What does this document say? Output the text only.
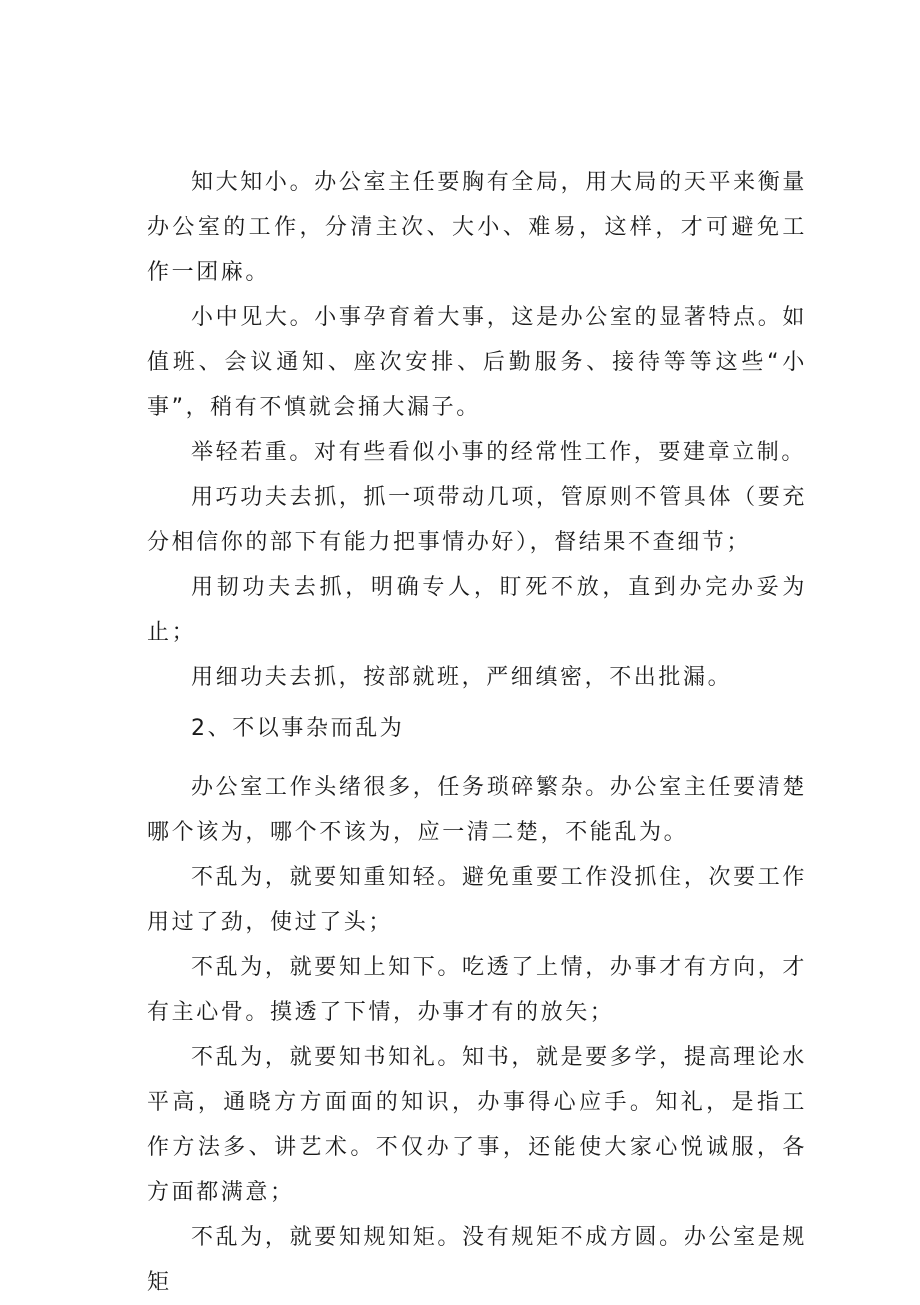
知大知小。办公室主任要胸有全局，用大局的天平来衡量办公室的工作，分清主次、大小、难易，这样，才可避免工作一团麻。

小中见大。小事孕育着大事，这是办公室的显著特点。如值班、会议通知、座次安排、后勤服务、接待等等这些“小事”，稍有不慎就会捅大漏子。

举轻若重。对有些看似小事的经常性工作，要建章立制。

用巧功夫去抓，抓一项带动几项，管原则不管具体（要充分相信你的部下有能力把事情办好），督结果不查细节；

用韧功夫去抓，明确专人，盯死不放，直到办完办妥为止；

用细功夫去抓，按部就班，严细缜密，不出批漏。

2、不以事杂而乱为

办公室工作头绪很多，任务琐碎繁杂。办公室主任要清楚哪个该为，哪个不该为，应一清二楚，不能乱为。

不乱为，就要知重知轻。避免重要工作没抓住，次要工作用过了劲，使过了头；

不乱为，就要知上知下。吃透了上情，办事才有方向，才有主心骨。摸透了下情，办事才有的放矢；

不乱为，就要知书知礼。知书，就是要多学，提高理论水平高，通晓方方面面的知识，办事得心应手。知礼，是指工作方法多、讲艺术。不仅办了事，还能使大家心悦诚服，各方面都满意；

不乱为，就要知规知矩。没有规矩不成方圆。办公室是规矩
